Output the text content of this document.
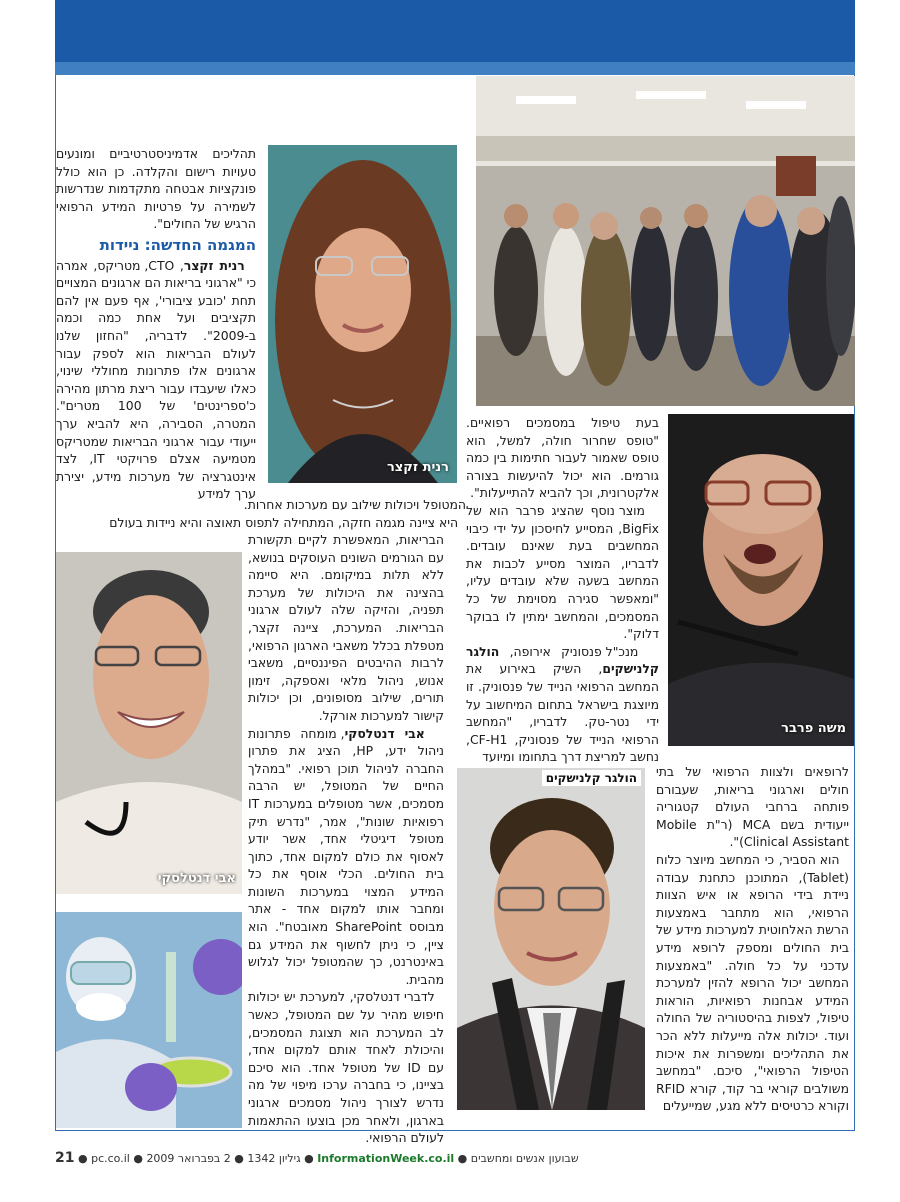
רנית זקצר
משה פרבר
הולגר קלנישקים
אבי דנטלסקי

תהליכים אדמיניסטרטיביים ומונעים טעויות רישום והקלדה. כן הוא כולל פונקציות אבטחה מתקדמות שנדרשות לשמירה על פרטיות המידע הרפואי הרגיש של החולים".

המגמה החדשה: ניידות

רנית זקצר, CTO, מטריקס, אמרה כי "ארגוני בריאות הם ארגונים המצויים תחת 'כובע ציבורי', אף פעם אין להם תקציבים ועל אחת כמה וכמה ב-2009". לדבריה, "החזון שלנו לעולם הבריאות הוא לספק עבור ארגונים אלו פתרונות מחוללי שינוי, כאלו שיעבדו עבור ריצת מרתון מהירה כ'ספרינטים' של 100 מטרים". המטרה, הסבירה, היא להביא ערך ייעודי עבור ארגוני הבריאות שמטריקס מטמיעה אצלם פרויקטי IT, לצד אינטגרציה של מערכות מידע, יצירת ערך למידע

המטופל ויכולות שילוב עם מערכות אחרות.

היא ציינה מגמה חזקה, המתחילה לתפוס תאוצה והיא ניידות בעולם

הבריאות, המאפשרת לקיים תקשורת עם הגורמים השונים העוסקים בנושא, ללא תלות במיקומם. היא סיימה בהצינה את היכולות של מערכת תפניה, והזיקה שלה לעולם ארגוני הבריאות. המערכת, ציינה זקצר, מטפלת בכלל משאבי הארגון הרפואי, לרבות ההיבטים הפיננסיים, משאבי אנוש, ניהול מלאי ואספקה, זימון תורים, שילוב מסופונים, וכן יכולות קישור למערכות אורקל.

אבי דנטלסקי, מומחה פתרונות ניהול ידע, HP, הציג את פתרון החברה לניהול תוכן רפואי. "במהלך החיים של המטופל, יש הרבה מסמכים, אשר מטופלים במערכות IT רפואיות שונות", אמר, "נדרש תיק מטופל דיגיטלי אחד, אשר יודע לאסוף את כולם למקום אחד, כתוך בית החולים. הכלי אוסף את כל המידע המצוי במערכות השונות ומחבר אותו למקום אחד - אתר מבוסס SharePoint מאובטח". הוא ציין, כי ניתן לחשוף את המידע גם באינטרנט, כך שהמטופל יכול לגלוש מהבית.

לדברי דנטלסקי, למערכת יש יכולות חיפוש מהיר על שם המטופל, כאשר לב המערכת הוא תצוגת המסמכים, והיכולת לאחד אותם למקום אחד, עם ID של מטופל אחד. הוא סיכם בציינו, כי בחברה ערכו מיפוי של מה נדרש לצורך ניהול מסמכים ארגוני בארגון, ולאחר מכן בוצעו ההתאמות לעולם הרפואי.

בעת טיפול במסמכים רפואיים. "טופס שחרור חולה, למשל, הוא טופס שאמור לעבור חתימות בין כמה גורמים. הוא יכול להיעשות בצורה אלקטרונית, וכך להביא להתייעלות".

מוצר נוסף שהציג פרבר הוא של BigFix, המסייע לחיסכון על ידי כיבוי המחשבים בעת שאינם עובדים. לדבריו, המוצר מסייע לכבות את המחשב בשעה שלא עובדים עליו, "ומאפשר סגירה מסוימת של כל המסמכים, והמחשב ימתין לו בבוקר דלוק".

מנכ"ל פנסוניק אירופה, הולגר קלנישקים, השיק באירוע את המחשב הרפואי הנייד של פנסוניק. זו מיוצגת בישראל בתחום המיחשוב על ידי נטר-טק. לדבריו, "המחשב הרפואי הנייד של פנסוניק, CF-H1, נחשב למריצת דרך בתחומו ומיועד

לרופאים ולצוות הרפואי של בתי חולים וארגוני בריאות, שעבורם פותחה ברחבי העולם קטגוריה ייעודית בשם MCA (ר"ת Mobile Clinical Assistant)".

הוא הסביר, כי המחשב מיוצר כלוח (Tablet), המתוכנן כתחנת עבודה ניידת בידי הרופא או איש הצוות הרפואי, הוא מתחבר באמצעות הרשת האלחוטית למערכות מידע של בית החולים ומספק לרופא מידע עדכני על כל חולה. "באמצעות המחשב יכול הרופא להזין למערכת המידע אבחנות רפואיות, הוראות טיפול, לצפות בהיסטוריה של החולה ועוד. יכולות אלה מייעלות ללא הכר את התהליכים ומשפרות את איכות הטיפול הרפואי", סיכם. "במחשב משולבים קוראי בר קוד, קורא RFID וקורא כרטיסים ללא מגע, שמייעלים

21 ● pc.co.il ● 2 בפברואר 2009 ● גיליון 1342 ● InformationWeek.co.il ● שבועון אנשים ומחשבים
